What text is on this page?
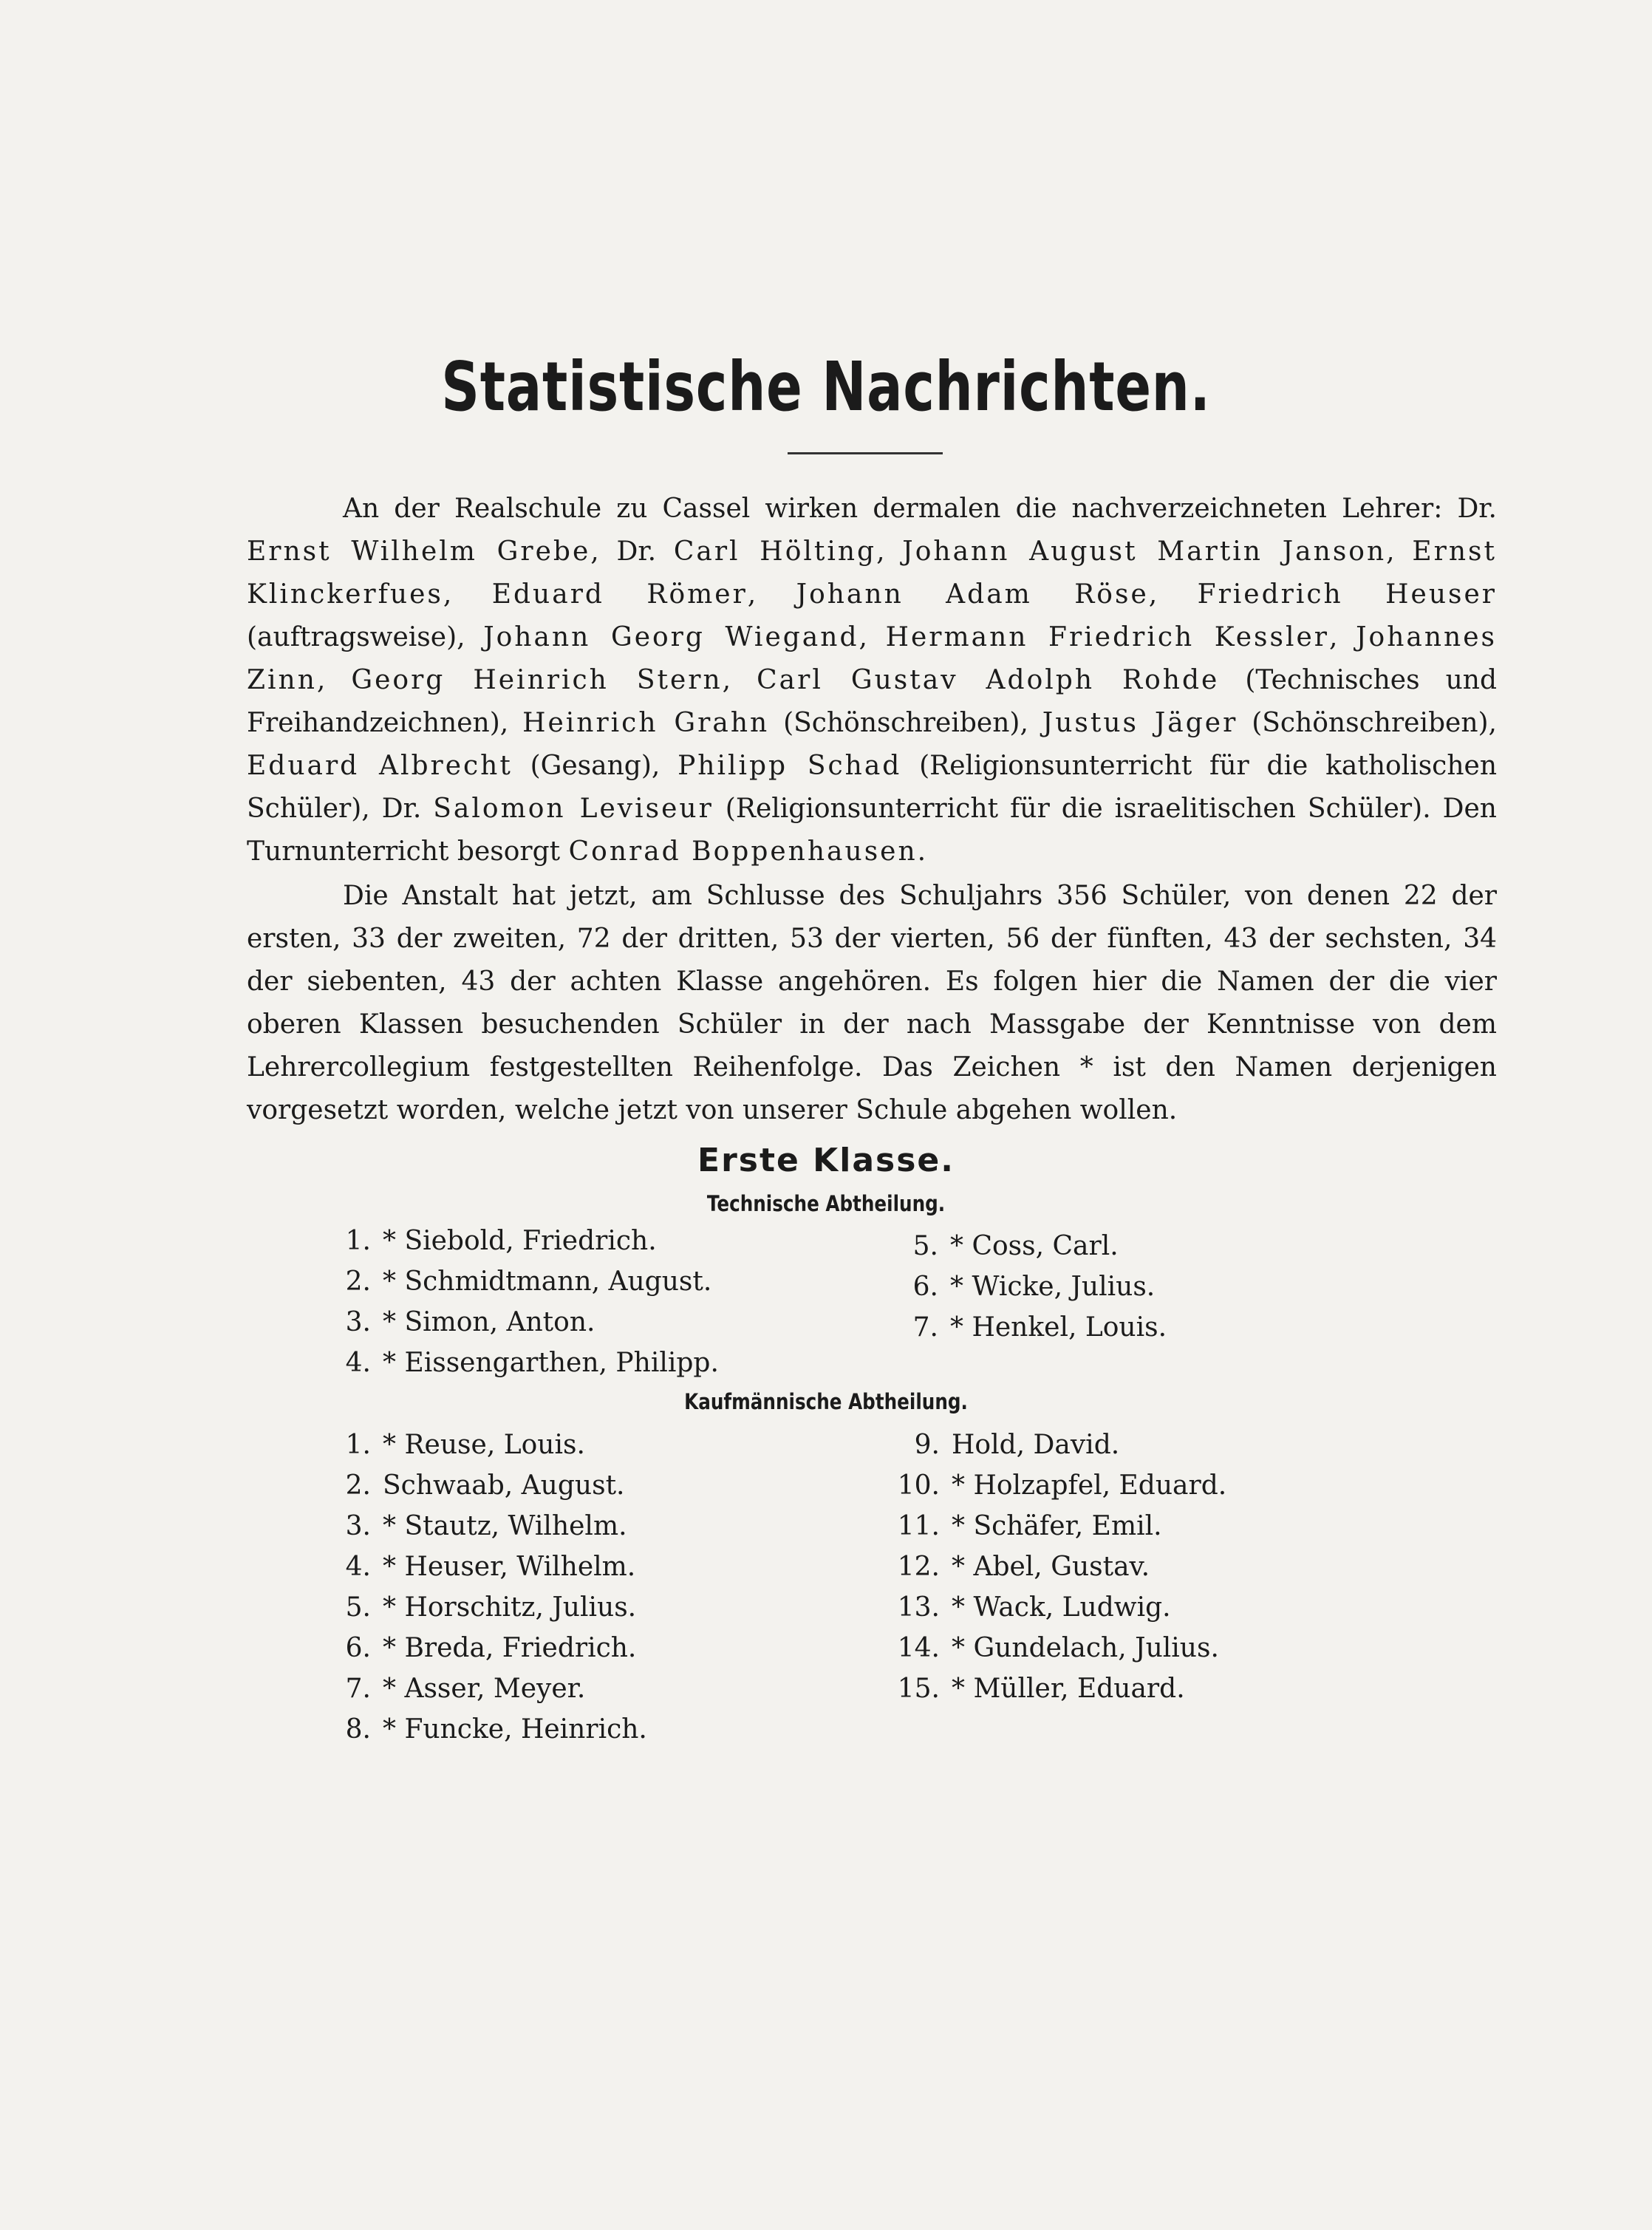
Statistische Nachrichten.

An der Realschule zu Cassel wirken dermalen die nachverzeichneten Lehrer: Dr. Ernst Wilhelm Grebe, Dr. Carl Hölting, Johann August Martin Janson, Ernst Klinckerfues, Eduard Römer, Johann Adam Röse, Friedrich Heuser (auftragsweise), Johann Georg Wiegand, Hermann Friedrich Kessler, Johannes Zinn, Georg Heinrich Stern, Carl Gustav Adolph Rohde (Technisches und Freihandzeichnen), Heinrich Grahn (Schönschreiben), Justus Jäger (Schönschreiben), Eduard Albrecht (Gesang), Philipp Schad (Religionsunterricht für die katholischen Schüler), Dr. Salomon Leviseur (Religionsunterricht für die israelitischen Schüler). Den Turnunterricht besorgt Conrad Boppenhausen.

Die Anstalt hat jetzt, am Schlusse des Schuljahrs 356 Schüler, von denen 22 der ersten, 33 der zweiten, 72 der dritten, 53 der vierten, 56 der fünften, 43 der sechsten, 34 der siebenten, 43 der achten Klasse angehören. Es folgen hier die Namen der die vier oberen Klassen besuchenden Schüler in der nach Massgabe der Kenntnisse von dem Lehrercollegium festgestellten Reihenfolge. Das Zeichen * ist den Namen derjenigen vorgesetzt worden, welche jetzt von unserer Schule abgehen wollen.

Erste Klasse.
Technische Abtheilung.
1. * Siebold, Friedrich.
2. * Schmidtmann, August.
3. * Simon, Anton.
4. * Eissengarthen, Philipp.
5. * Coss, Carl.
6. * Wicke, Julius.
7. * Henkel, Louis.
Kaufmännische Abtheilung.
1. * Reuse, Louis.
2. Schwaab, August.
3. * Stautz, Wilhelm.
4. * Heuser, Wilhelm.
5. * Horschitz, Julius.
6. * Breda, Friedrich.
7. * Asser, Meyer.
8. * Funcke, Heinrich.
9. Hold, David.
10. * Holzapfel, Eduard.
11. * Schäfer, Emil.
12. * Abel, Gustav.
13. * Wack, Ludwig.
14. * Gundelach, Julius.
15. * Müller, Eduard.
